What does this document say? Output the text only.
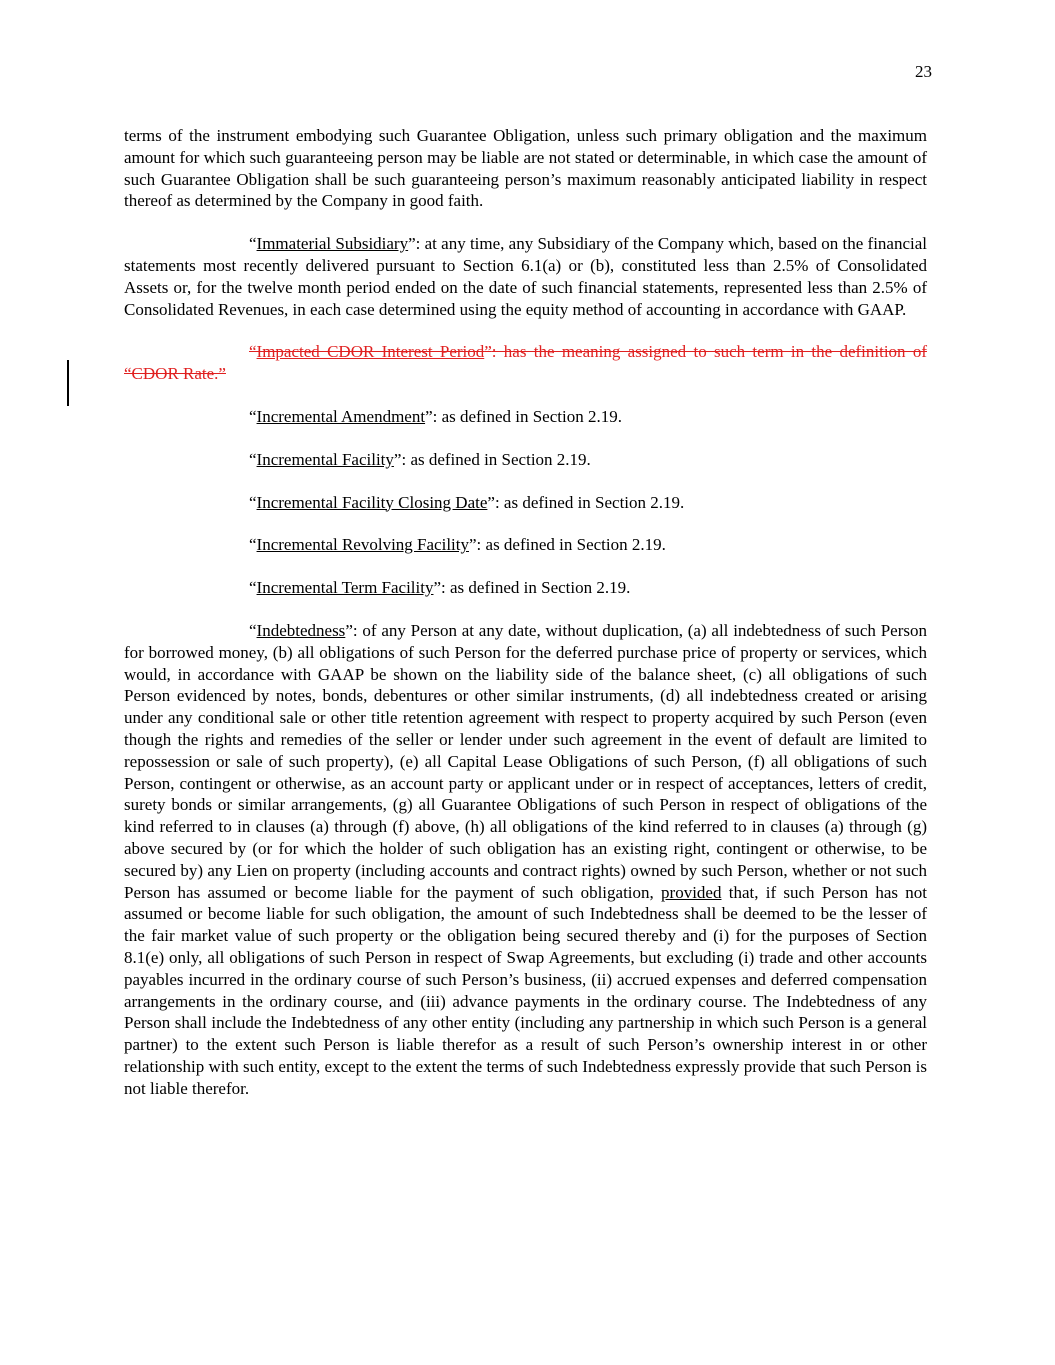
23

terms of the instrument embodying such Guarantee Obligation, unless such primary obligation and the maximum amount for which such guaranteeing person may be liable are not stated or determinable, in which case the amount of such Guarantee Obligation shall be such guaranteeing person’s maximum reasonably anticipated liability in respect thereof as determined by the Company in good faith.

“Immaterial Subsidiary”: at any time, any Subsidiary of the Company which, based on the financial statements most recently delivered pursuant to Section 6.1(a) or (b), constituted less than 2.5% of Consolidated Assets or, for the twelve month period ended on the date of such financial statements, represented less than 2.5% of Consolidated Revenues, in each case determined using the equity method of accounting in accordance with GAAP.

“Impacted CDOR Interest Period”: has the meaning assigned to such term in the definition of “CDOR Rate.”

“Incremental Amendment”: as defined in Section 2.19.

“Incremental Facility”: as defined in Section 2.19.

“Incremental Facility Closing Date”: as defined in Section 2.19.

“Incremental Revolving Facility”: as defined in Section 2.19.

“Incremental Term Facility”: as defined in Section 2.19.

“Indebtedness”: of any Person at any date, without duplication, (a) all indebtedness of such Person for borrowed money, (b) all obligations of such Person for the deferred purchase price of property or services, which would, in accordance with GAAP be shown on the liability side of the balance sheet, (c) all obligations of such Person evidenced by notes, bonds, debentures or other similar instruments, (d) all indebtedness created or arising under any conditional sale or other title retention agreement with respect to property acquired by such Person (even though the rights and remedies of the seller or lender under such agreement in the event of default are limited to repossession or sale of such property), (e) all Capital Lease Obligations of such Person, (f) all obligations of such Person, contingent or otherwise, as an account party or applicant under or in respect of acceptances, letters of credit, surety bonds or similar arrangements, (g) all Guarantee Obligations of such Person in respect of obligations of the kind referred to in clauses (a) through (f) above, (h) all obligations of the kind referred to in clauses (a) through (g) above secured by (or for which the holder of such obligation has an existing right, contingent or otherwise, to be secured by) any Lien on property (including accounts and contract rights) owned by such Person, whether or not such Person has assumed or become liable for the payment of such obligation, provided that, if such Person has not assumed or become liable for such obligation, the amount of such Indebtedness shall be deemed to be the lesser of the fair market value of such property or the obligation being secured thereby and (i) for the purposes of Section 8.1(e) only, all obligations of such Person in respect of Swap Agreements, but excluding (i) trade and other accounts payables incurred in the ordinary course of such Person’s business, (ii) accrued expenses and deferred compensation arrangements in the ordinary course, and (iii) advance payments in the ordinary course. The Indebtedness of any Person shall include the Indebtedness of any other entity (including any partnership in which such Person is a general partner) to the extent such Person is liable therefor as a result of such Person’s ownership interest in or other relationship with such entity, except to the extent the terms of such Indebtedness expressly provide that such Person is not liable therefor.
